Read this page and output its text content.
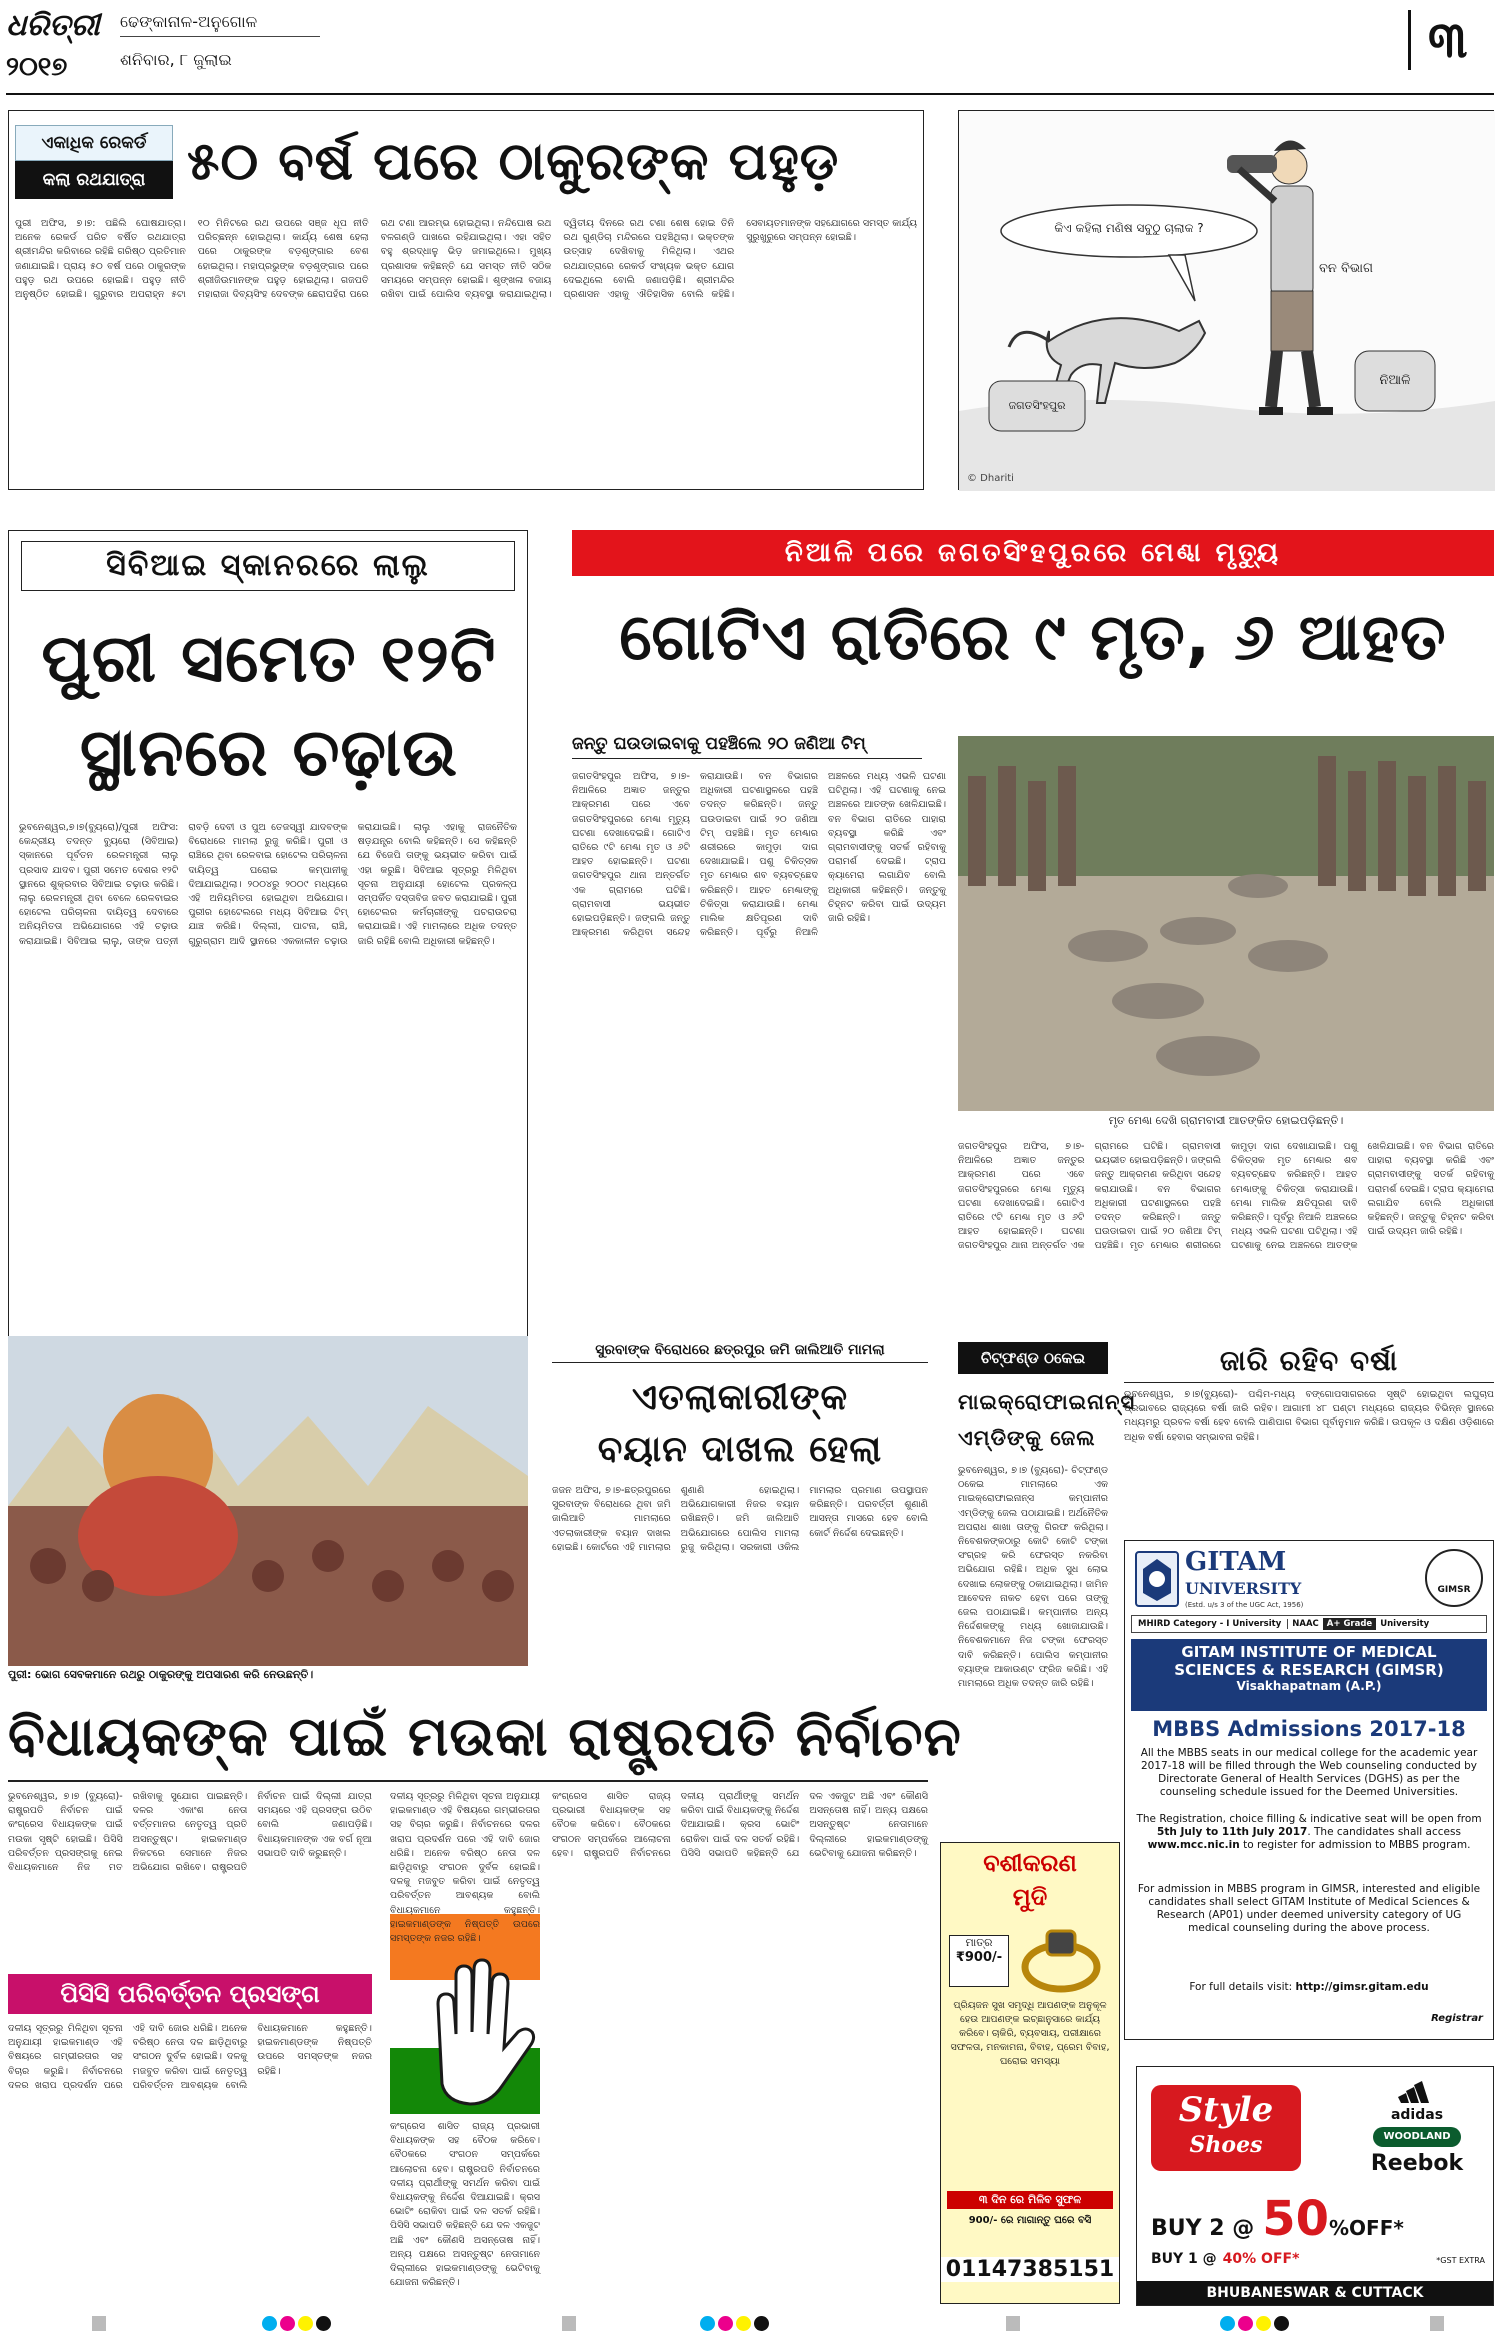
ଧରିତ୍ରୀ
୨୦୧୭
ଢେଙ୍କାନାଳ-ଅନୁଗୋଳ
ଶନିବାର, ୮ ଜୁଲାଇ	୩
ଏକାଧିକ ରେକର୍ଡ
କଲା ରଥଯାତ୍ରା ୫୦ ବର୍ଷ ପରେ ଠାକୁରଙ୍କ ପହୁଡ଼
ପୁରୀ ଅଫିସ, ୭।୭: ପଛିଲି ଘୋଷଯାତ୍ରା। ଅନେକ ରେକର୍ଡ ପରିଚ ବର୍ଷିତ ରଥଯାତ୍ରା ଶ୍ରୀମନ୍ଦିର କରିବାରେ ରହିଛି ଗରିଷ୍ଠ ପ୍ରତିମାନ ଜଣାଯାଇଛି। ପ୍ରାୟ ୫୦ ବର୍ଷ ପରେ ଠାକୁରଙ୍କ ପହୁଡ଼ ରଥ ଉପରେ ହୋଇଛି। ପହୁଡ଼ ନୀତି ଅନୁଷ୍ଠିତ ହୋଇଛି। ଗୁରୁବାର ଅପରାହ୍ନ ୫ଟା ୧୦ ମିନିଟରେ ରଥ ଉପରେ ସଞ୍ଜ ଧୂପ ନୀତି ପରିଚ୍ଛନ୍ନ ହୋଇଥିଲା। କାର୍ଯ୍ୟ ଶେଷ ହେଲା ପରେ ଠାକୁରଙ୍କ ବଡ଼ଶୃଙ୍ଗାର ବେଶ ହୋଇଥିଲା। ମହାପ୍ରଭୁଙ୍କ ବଡ଼ଶୃଙ୍ଗାର ପରେ ଶ୍ରୀଜିଉମାନଙ୍କ ପହୁଡ଼ ହୋଇଥିଲା। ଗଜପତି ମହାରାଜା ଦିବ୍ୟସିଂହ ଦେବଙ୍କ ଛେରାପହଁରା ପରେ ରଥ ଟଣା ଆରମ୍ଭ ହୋଇଥିଲା। ନନ୍ଦିଘୋଷ ରଥ ବଳଗଣ୍ଡି ପାଖରେ ରହିଯାଇଥିଲା। ଏହା ସହିତ ବହୁ ଶ୍ରଦ୍ଧାଳୁ ଭିଡ଼ ଜମାଇଥିଲେ। ମୁଖ୍ୟ ପ୍ରଶାସକ କହିଛନ୍ତି ଯେ ସମସ୍ତ ନୀତି ସଠିକ ସମୟରେ ସମ୍ପନ୍ନ ହୋଇଛି। ଶୃଙ୍ଖଳା ବଜାୟ ରଖିବା ପାଇଁ ପୋଲିସ ବ୍ୟବସ୍ଥା କରାଯାଇଥିଲା। ଦ୍ୱିତୀୟ ଦିନରେ ରଥ ଟଣା ଶେଷ ହୋଇ ତିନି ରଥ ଗୁଣ୍ଡିଚା ମନ୍ଦିରରେ ପହଞ୍ଚିଥିଲା। ଭକ୍ତଙ୍କ ଉତ୍ସାହ ଦେଖିବାକୁ ମିଳିଥିଲା। ଏଥର ରଥଯାତ୍ରାରେ ରେକର୍ଡ ସଂଖ୍ୟକ ଭକ୍ତ ଯୋଗ ଦେଇଥିଲେ ବୋଲି ଜଣାପଡ଼ିଛି। ଶ୍ରୀମନ୍ଦିର ପ୍ରଶାସନ ଏହାକୁ ଐତିହାସିକ ବୋଲି କହିଛି। ସେବାୟତମାନଙ୍କ ସହଯୋଗରେ ସମସ୍ତ କାର୍ଯ୍ୟ ସୁରୁଖୁରୁରେ ସମ୍ପନ୍ନ ହୋଇଛି।
କିଏ କହିଲା ମଣିଷ ସବୁଠୁ ଚାଲାକ ?
ବନ ବିଭାଗ
ଜଗତସିଂହପୁର
ନିଆଳି
© Dhariti
ସିବିଆଇ ସ୍କାନରରେ ଲାଲୁ
ପୁରୀ ସମେତ ୧୨ଟି
ସ୍ଥାନରେ ଚଢ଼ାଉ
ଭୁବନେଶ୍ୱର,୭।୭(ବ୍ୟୁରୋ)/ପୁରୀ ଅଫିସ: କେନ୍ଦ୍ରୀୟ ତଦନ୍ତ ବ୍ୟୁରୋ (ସିବିଆଇ) ସ୍କାନରେ ପୂର୍ବତନ ରେଳମନ୍ତ୍ରୀ ଲାଲୁ ପ୍ରସାଦ ଯାଦବ। ପୁରୀ ସମେତ ଦେଶର ୧୨ଟି ସ୍ଥାନରେ ଶୁକ୍ରବାର ସିବିଆଇ ଚଢ଼ାଉ କରିଛି। ଲାଲୁ ରେଳମନ୍ତ୍ରୀ ଥିବା ବେଳେ ରେଳବାଇର ହୋଟେଲ ପରିଚାଳନା ଦାୟିତ୍ୱ ଦେବାରେ ଅନିୟମିତତା ଅଭିଯୋଗରେ ଏହି ଚଢ଼ାଉ କରାଯାଇଛି। ସିବିଆଇ ଲାଲୁ, ତାଙ୍କ ପତ୍ନୀ ରାବଡ଼ି ଦେବୀ ଓ ପୁଅ ତେଜସ୍ୱୀ ଯାଦବଙ୍କ ବିରୋଧରେ ମାମଲା ରୁଜୁ କରିଛି। ପୁରୀ ଓ ରାଞ୍ଚିରେ ଥିବା ରେଳବାଇ ହୋଟେଲ ପରିଚାଳନା ଦାୟିତ୍ୱ ଘରୋଇ କମ୍ପାନୀକୁ ଦିଆଯାଇଥିଲା। ୨୦୦୪ରୁ ୨୦୦୯ ମଧ୍ୟରେ ଏହି ଅନିୟମିତତା ହୋଇଥିବା ଅଭିଯୋଗ। ପୁରୀର ହୋଟେଲରେ ମଧ୍ୟ ସିବିଆଇ ଟିମ୍ ଯାଞ୍ଚ କରିଛି। ଦିଲ୍ଲୀ, ପାଟନା, ରାଞ୍ଚି, ଗୁରୁଗ୍ରାମ ଆଦି ସ୍ଥାନରେ ଏକକାଳୀନ ଚଢ଼ାଉ କରାଯାଇଛି। ଲାଲୁ ଏହାକୁ ରାଜନୈତିକ ଷଡ଼ଯନ୍ତ୍ର ବୋଲି କହିଛନ୍ତି। ସେ କହିଛନ୍ତି ଯେ ବିଜେପି ତାଙ୍କୁ ଭୟଭୀତ କରିବା ପାଇଁ ଏହା କରୁଛି। ସିବିଆଇ ସୂତ୍ରରୁ ମିଳିଥିବା ସୂଚନା ଅନୁଯାୟୀ ହୋଟେଲ ପ୍ରକଳ୍ପ ସମ୍ପର୍କିତ ଦସ୍ତାବିଜ ଜବତ କରାଯାଇଛି। ପୁରୀ ହୋଟେଲର କର୍ମଚାରୀଙ୍କୁ ପଚରାଉଚରା କରାଯାଇଛି। ଏହି ମାମଲାରେ ଅଧିକ ତଦନ୍ତ ଜାରି ରହିଛି ବୋଲି ଅଧିକାରୀ କହିଛନ୍ତି।
ନିଆଳି ପରେ ଜଗତସିଂହପୁରରେ ମେଣ୍ଢା ମୃତ୍ୟୁ
ଗୋଟିଏ ରାତିରେ ୯ ମୃତ, ୬ ଆହତ
ଜନ୍ତୁ ଘଉଡାଇବାକୁ ପହଞ୍ଚିଲେ ୨୦ ଜଣିଆ ଟିମ୍
ଜଗତସିଂହପୁର ଅଫିସ, ୭।୭- ନିଆଳିରେ ଅଜ୍ଞାତ ଜନ୍ତୁର ଆକ୍ରମଣ ପରେ ଏବେ ଜଗତସିଂହପୁରରେ ମେଣ୍ଢା ମୃତ୍ୟୁ ଘଟଣା ଦେଖାଦେଇଛି। ଗୋଟିଏ ରାତିରେ ୯ଟି ମେଣ୍ଢା ମୃତ ଓ ୬ଟି ଆହତ ହୋଇଛନ୍ତି। ଘଟଣା ଜଗତସିଂହପୁର ଥାନା ଅନ୍ତର୍ଗତ ଏକ ଗ୍ରାମରେ ଘଟିଛି। ଗ୍ରାମବାସୀ ଭୟଭୀତ ହୋଇପଡ଼ିଛନ୍ତି। ଜଙ୍ଗଲି ଜନ୍ତୁ ଆକ୍ରମଣ କରିଥିବା ସନ୍ଦେହ କରାଯାଉଛି। ବନ ବିଭାଗର ଅଧିକାରୀ ଘଟଣାସ୍ଥଳରେ ପହଞ୍ଚି ତଦନ୍ତ କରିଛନ୍ତି। ଜନ୍ତୁ ଘଉଡାଇବା ପାଇଁ ୨୦ ଜଣିଆ ଟିମ୍ ପହଞ୍ଚିଛି। ମୃତ ମେଣ୍ଢାର ଶରୀରରେ କାମୁଡ଼ା ଦାଗ ଦେଖାଯାଇଛି। ପଶୁ ଚିକିତ୍ସକ ମୃତ ମେଣ୍ଢାର ଶବ ବ୍ୟବଚ୍ଛେଦ କରିଛନ୍ତି। ଆହତ ମେଣ୍ଢାଙ୍କୁ ଚିକିତ୍ସା କରାଯାଉଛି। ମେଣ୍ଢା ମାଲିକ କ୍ଷତିପୂରଣ ଦାବି କରିଛନ୍ତି। ପୂର୍ବରୁ ନିଆଳି ଅଞ୍ଚଳରେ ମଧ୍ୟ ଏଭଳି ଘଟଣା ଘଟିଥିଲା। ଏହି ଘଟଣାକୁ ନେଇ ଅଞ୍ଚଳରେ ଆତଙ୍କ ଖେଳିଯାଇଛି। ବନ ବିଭାଗ ରାତିରେ ପାହାରା ବ୍ୟବସ୍ଥା କରିଛି ଏବଂ ଗ୍ରାମବାସୀଙ୍କୁ ସତର୍କ ରହିବାକୁ ପରାମର୍ଶ ଦେଇଛି। ଟ୍ରାପ କ୍ୟାମେରା ଲଗାଯିବ ବୋଲି ଅଧିକାରୀ କହିଛନ୍ତି। ଜନ୍ତୁକୁ ଚିହ୍ନଟ କରିବା ପାଇଁ ଉଦ୍ୟମ ଜାରି ରହିଛି।
ମୃତ ମେଣ୍ଢା ଦେଖି ଗ୍ରାମବାସୀ ଆତଙ୍କିତ ହୋଇପଡ଼ିଛନ୍ତି।
ଜଗତସିଂହପୁର ଅଫିସ, ୭।୭- ନିଆଳିରେ ଅଜ୍ଞାତ ଜନ୍ତୁର ଆକ୍ରମଣ ପରେ ଏବେ ଜଗତସିଂହପୁରରେ ମେଣ୍ଢା ମୃତ୍ୟୁ ଘଟଣା ଦେଖାଦେଇଛି। ଗୋଟିଏ ରାତିରେ ୯ଟି ମେଣ୍ଢା ମୃତ ଓ ୬ଟି ଆହତ ହୋଇଛନ୍ତି। ଘଟଣା ଜଗତସିଂହପୁର ଥାନା ଅନ୍ତର୍ଗତ ଏକ ଗ୍ରାମରେ ଘଟିଛି। ଗ୍ରାମବାସୀ ଭୟଭୀତ ହୋଇପଡ଼ିଛନ୍ତି। ଜଙ୍ଗଲି ଜନ୍ତୁ ଆକ୍ରମଣ କରିଥିବା ସନ୍ଦେହ କରାଯାଉଛି। ବନ ବିଭାଗର ଅଧିକାରୀ ଘଟଣାସ୍ଥଳରେ ପହଞ୍ଚି ତଦନ୍ତ କରିଛନ୍ତି। ଜନ୍ତୁ ଘଉଡାଇବା ପାଇଁ ୨୦ ଜଣିଆ ଟିମ୍ ପହଞ୍ଚିଛି। ମୃତ ମେଣ୍ଢାର ଶରୀରରେ କାମୁଡ଼ା ଦାଗ ଦେଖାଯାଇଛି। ପଶୁ ଚିକିତ୍ସକ ମୃତ ମେଣ୍ଢାର ଶବ ବ୍ୟବଚ୍ଛେଦ କରିଛନ୍ତି। ଆହତ ମେଣ୍ଢାଙ୍କୁ ଚିକିତ୍ସା କରାଯାଉଛି। ମେଣ୍ଢା ମାଲିକ କ୍ଷତିପୂରଣ ଦାବି କରିଛନ୍ତି। ପୂର୍ବରୁ ନିଆଳି ଅଞ୍ଚଳରେ ମଧ୍ୟ ଏଭଳି ଘଟଣା ଘଟିଥିଲା। ଏହି ଘଟଣାକୁ ନେଇ ଅଞ୍ଚଳରେ ଆତଙ୍କ ଖେଳିଯାଇଛି। ବନ ବିଭାଗ ରାତିରେ ପାହାରା ବ୍ୟବସ୍ଥା କରିଛି ଏବଂ ଗ୍ରାମବାସୀଙ୍କୁ ସତର୍କ ରହିବାକୁ ପରାମର୍ଶ ଦେଇଛି। ଟ୍ରାପ କ୍ୟାମେରା ଲଗାଯିବ ବୋଲି ଅଧିକାରୀ କହିଛନ୍ତି। ଜନ୍ତୁକୁ ଚିହ୍ନଟ କରିବା ପାଇଁ ଉଦ୍ୟମ ଜାରି ରହିଛି।
ପୁରୀ: ଭୋଗ ସେବକମାନେ ରଥରୁ ଠାକୁରଙ୍କୁ ଅପସାରଣ କରି ନେଉଛନ୍ତି।
ସୁରବାଙ୍କ ବିରୋଧରେ ଛତ୍ରପୁର ଜମି ଜାଲିଆତି ମାମଲା
ଏତଲାକାରୀଙ୍କ
ବୟାନ ଦାଖଲ ହେଲା
ଜଜନ ଅଫିସ, ୭।୭-ଛତ୍ରପୁରରେ ସୁରବାଙ୍କ ବିରୋଧରେ ଥିବା ଜମି ଜାଲିଆତି ମାମଲାରେ ଏତଲାକାରୀଙ୍କ ବୟାନ ଦାଖଲ ହୋଇଛି। କୋର୍ଟରେ ଏହି ମାମଲାର ଶୁଣାଣି ହୋଇଥିଲା। ଅଭିଯୋଗକାରୀ ନିଜର ବୟାନ ରଖିଛନ୍ତି। ଜମି ଜାଲିଆତି ଅଭିଯୋଗରେ ପୋଲିସ ମାମଲା ରୁଜୁ କରିଥିଲା। ସରକାରୀ ଓକିଲ ମାମଲାର ପ୍ରମାଣ ଉପସ୍ଥାପନ କରିଛନ୍ତି। ପରବର୍ତ୍ତୀ ଶୁଣାଣି ଆସନ୍ତା ମାସରେ ହେବ ବୋଲି କୋର୍ଟ ନିର୍ଦ୍ଦେଶ ଦେଇଛନ୍ତି।
ଚିଟ୍‌ଫଣ୍ଡ ଠକେଇ
ମାଇକ୍ରୋଫାଇନାନ୍ସ
ଏମ୍‌ଡିଙ୍କୁ ଜେଲ
ଭୁବନେଶ୍ୱର, ୭।୭ (ବ୍ୟୁରୋ)- ଚିଟ୍‌ଫଣ୍ଡ ଠକେଇ ମାମଲାରେ ଏକ ମାଇକ୍ରୋଫାଇନାନ୍ସ କମ୍ପାନୀର ଏମ୍‌ଡିଙ୍କୁ ଜେଲ ପଠାଯାଇଛି। ଅର୍ଥନୈତିକ ଅପରାଧ ଶାଖା ତାଙ୍କୁ ଗିରଫ କରିଥିଲା। ନିବେଶକଙ୍କଠାରୁ କୋଟି କୋଟି ଟଙ୍କା ସଂଗ୍ରହ କରି ଫେରସ୍ତ ନକରିବା ଅଭିଯୋଗ ରହିଛି। ଅଧିକ ସୁଧ ଲୋଭ ଦେଖାଇ ଲୋକଙ୍କୁ ଠକାଯାଇଥିଲା। ଜାମିନ ଆବେଦନ ନାକଚ ହେବା ପରେ ତାଙ୍କୁ ଜେଲ ପଠାଯାଇଛି। କମ୍ପାନୀର ଅନ୍ୟ ନିର୍ଦ୍ଦେଶକଙ୍କୁ ମଧ୍ୟ ଖୋଜାଯାଉଛି। ନିବେଶକମାନେ ନିଜ ଟଙ୍କା ଫେରସ୍ତ ଦାବି କରିଛନ୍ତି। ପୋଲିସ କମ୍ପାନୀର ବ୍ୟାଙ୍କ ଆକାଉଣ୍ଟ ଫ୍ରିଜ କରିଛି। ଏହି ମାମଲାରେ ଅଧିକ ତଦନ୍ତ ଜାରି ରହିଛି।
ଜାରି ରହିବ ବର୍ଷା
ଭୁବନେଶ୍ୱର, ୭।୭(ବ୍ୟୁରୋ)- ପଶ୍ଚିମ-ମଧ୍ୟ ବଙ୍ଗୋପସାଗରରେ ସୃଷ୍ଟି ହୋଇଥିବା ଲଘୁଚାପ ପ୍ରଭାବରେ ରାଜ୍ୟରେ ବର୍ଷା ଜାରି ରହିବ। ଆଗାମୀ ୪୮ ଘଣ୍ଟା ମଧ୍ୟରେ ରାଜ୍ୟର ବିଭିନ୍ନ ସ୍ଥାନରେ ମଧ୍ୟମରୁ ପ୍ରବଳ ବର୍ଷା ହେବ ବୋଲି ପାଣିପାଗ ବିଭାଗ ପୂର୍ବାନୁମାନ କରିଛି। ଉପକୂଳ ଓ ଦକ୍ଷିଣ ଓଡ଼ିଶାରେ ଅଧିକ ବର୍ଷା ହେବାର ସମ୍ଭାବନା ରହିଛି।
GITAM
UNIVERSITY
(Estd. u/s 3 of the UGC Act, 1956)
GIMSR
MHIRD Category - I University	NAAC A+ Grade University
GITAM INSTITUTE OF MEDICAL
SCIENCES & RESEARCH (GIMSR)
Visakhapatnam (A.P.)
MBBS Admissions 2017-18
All the MBBS seats in our medical college for the academic year 2017-18 will be filled through the Web counseling conducted by Directorate General of Health Services (DGHS) as per the counseling schedule issued for the Deemed Universities.
The Registration, choice filling & indicative seat will be open from 5th July to 11th July 2017. The candidates shall access www.mcc.nic.in to register for admission to MBBS program.
For admission in MBBS program in GIMSR, interested and eligible candidates shall select GITAM Institute of Medical Sciences & Research (AP01) under deemed university category of UG medical counseling during the above process.
For full details visit: http://gimsr.gitam.edu
Registrar
ବିଧାୟକଙ୍କ ପାଇଁ ମଉକା ରାଷ୍ଟ୍ରପତି ନିର୍ବାଚନ
ଭୁବନେଶ୍ୱର, ୭।୭ (ବ୍ୟୁରୋ)- ରାଷ୍ଟ୍ରପତି ନିର୍ବାଚନ ପାଇଁ କଂଗ୍ରେସ ବିଧାୟକଙ୍କ ପାଇଁ ମଉକା ସୃଷ୍ଟି ହୋଇଛି। ପିସିସି ପରିବର୍ତ୍ତନ ପ୍ରସଙ୍ଗକୁ ନେଇ ବିଧାୟକମାନେ ନିଜ ମତ ରଖିବାକୁ ସୁଯୋଗ ପାଇଛନ୍ତି। ଦଳର ଏକାଂଶ ନେତା ବର୍ତ୍ତମାନର ନେତୃତ୍ୱ ପ୍ରତି ଅସନ୍ତୁଷ୍ଟ। ହାଇକମାଣ୍ଡ ନିକଟରେ ସେମାନେ ନିଜର ଅଭିଯୋଗ ରଖିବେ। ରାଷ୍ଟ୍ରପତି ନିର୍ବାଚନ ପାଇଁ ଦିଲ୍ଲୀ ଯାତ୍ରା ସମୟରେ ଏହି ପ୍ରସଙ୍ଗ ଉଠିବ ବୋଲି ଜଣାପଡ଼ିଛି। ବିଧାୟକମାନଙ୍କ ଏକ ବର୍ଗ ନୂଆ ସଭାପତି ଦାବି କରୁଛନ୍ତି।
ପିସିସି ପରିବର୍ତ୍ତନ ପ୍ରସଙ୍ଗ
ଦଳୀୟ ସୂତ୍ରରୁ ମିଳିଥିବା ସୂଚନା ଅନୁଯାୟୀ ହାଇକମାଣ୍ଡ ଏହି ବିଷୟରେ ଗମ୍ଭୀରତାର ସହ ବିଚାର କରୁଛି। ନିର୍ବାଚନରେ ଦଳର ଖରାପ ପ୍ରଦର୍ଶନ ପରେ ଏହି ଦାବି ଜୋର ଧରିଛି। ଅନେକ ବରିଷ୍ଠ ନେତା ଦଳ ଛାଡ଼ିଥିବାରୁ ସଂଗଠନ ଦୁର୍ବଳ ହୋଇଛି। ଦଳକୁ ମଜବୁତ କରିବା ପାଇଁ ନେତୃତ୍ୱ ପରିବର୍ତ୍ତନ ଆବଶ୍ୟକ ବୋଲି ବିଧାୟକମାନେ କହୁଛନ୍ତି। ହାଇକମାଣ୍ଡଙ୍କ ନିଷ୍ପତ୍ତି ଉପରେ ସମସ୍ତଙ୍କ ନଜର ରହିଛି।
ଦଳୀୟ ସୂତ୍ରରୁ ମିଳିଥିବା ସୂଚନା ଅନୁଯାୟୀ ହାଇକମାଣ୍ଡ ଏହି ବିଷୟରେ ଗମ୍ଭୀରତାର ସହ ବିଚାର କରୁଛି। ନିର୍ବାଚନରେ ଦଳର ଖରାପ ପ୍ରଦର୍ଶନ ପରେ ଏହି ଦାବି ଜୋର ଧରିଛି। ଅନେକ ବରିଷ୍ଠ ନେତା ଦଳ ଛାଡ଼ିଥିବାରୁ ସଂଗଠନ ଦୁର୍ବଳ ହୋଇଛି। ଦଳକୁ ମଜବୁତ କରିବା ପାଇଁ ନେତୃତ୍ୱ ପରିବର୍ତ୍ତନ ଆବଶ୍ୟକ ବୋଲି ବିଧାୟକମାନେ କହୁଛନ୍ତି। ହାଇକମାଣ୍ଡଙ୍କ ନିଷ୍ପତ୍ତି ଉପରେ ସମସ୍ତଙ୍କ ନଜର ରହିଛି।
କଂଗ୍ରେସ ଶାସିତ ରାଜ୍ୟ ପ୍ରଭାରୀ ବିଧାୟକଙ୍କ ସହ ବୈଠକ କରିବେ। ବୈଠକରେ ସଂଗଠନ ସମ୍ପର୍କରେ ଆଲୋଚନା ହେବ। ରାଷ୍ଟ୍ରପତି ନିର୍ବାଚନରେ ଦଳୀୟ ପ୍ରାର୍ଥୀଙ୍କୁ ସମର୍ଥନ କରିବା ପାଇଁ ବିଧାୟକଙ୍କୁ ନିର୍ଦ୍ଦେଶ ଦିଆଯାଇଛି। କ୍ରସ ଭୋଟିଂ ରୋକିବା ପାଇଁ ଦଳ ସତର୍କ ରହିଛି। ପିସିସି ସଭାପତି କହିଛନ୍ତି ଯେ ଦଳ ଏକଜୁଟ ଅଛି ଏବଂ କୌଣସି ଅସନ୍ତୋଷ ନାହିଁ। ଅନ୍ୟ ପକ୍ଷରେ ଅସନ୍ତୁଷ୍ଟ ନେତାମାନେ ଦିଲ୍ଲୀରେ ହାଇକମାଣ୍ଡଙ୍କୁ ଭେଟିବାକୁ ଯୋଜନା କରିଛନ୍ତି।
କଂଗ୍ରେସ ଶାସିତ ରାଜ୍ୟ ପ୍ରଭାରୀ ବିଧାୟକଙ୍କ ସହ ବୈଠକ କରିବେ। ବୈଠକରେ ସଂଗଠନ ସମ୍ପର୍କରେ ଆଲୋଚନା ହେବ। ରାଷ୍ଟ୍ରପତି ନିର୍ବାଚନରେ ଦଳୀୟ ପ୍ରାର୍ଥୀଙ୍କୁ ସମର୍ଥନ କରିବା ପାଇଁ ବିଧାୟକଙ୍କୁ ନିର୍ଦ୍ଦେଶ ଦିଆଯାଇଛି। କ୍ରସ ଭୋଟିଂ ରୋକିବା ପାଇଁ ଦଳ ସତର୍କ ରହିଛି। ପିସିସି ସଭାପତି କହିଛନ୍ତି ଯେ ଦଳ ଏକଜୁଟ ଅଛି ଏବଂ କୌଣସି ଅସନ୍ତୋଷ ନାହିଁ। ଅନ୍ୟ ପକ୍ଷରେ ଅସନ୍ତୁଷ୍ଟ ନେତାମାନେ ଦିଲ୍ଲୀରେ ହାଇକମାଣ୍ଡଙ୍କୁ ଭେଟିବାକୁ ଯୋଜନା କରିଛନ୍ତି।	ବଶୀକରଣ
ମୁଦି
ମାତ୍ର
₹900/-
ପ୍ରିୟଜନ ସୁଖ ସମୃଦ୍ଧି ଆପଣଙ୍କ ଅନୁକୂଳ ହେଉ ଆପଣଙ୍କ ଇଚ୍ଛାନୁସାରେ କାର୍ଯ୍ୟ କରିବେ। ଚାକିରି, ବ୍ୟବସାୟ, ପରୀକ୍ଷାରେ ସଫଳତା, ମନକାମନା, ବିବାହ, ପ୍ରେମ ବିବାହ, ଘରୋଇ ସମସ୍ୟା
୩ ଦିନ ରେ ମିଳିବ ସୁଫଳ
900/- ରେ ମାଗାନ୍ତୁ ଘରେ ବସି
01147385151
Style
Shoes
adidas
WOODLAND
Reebok
BUY 2 @ 50 %OFF*
BUY 1 @ 40% OFF*	*GST EXTRA
BHUBANESWAR & CUTTACK
